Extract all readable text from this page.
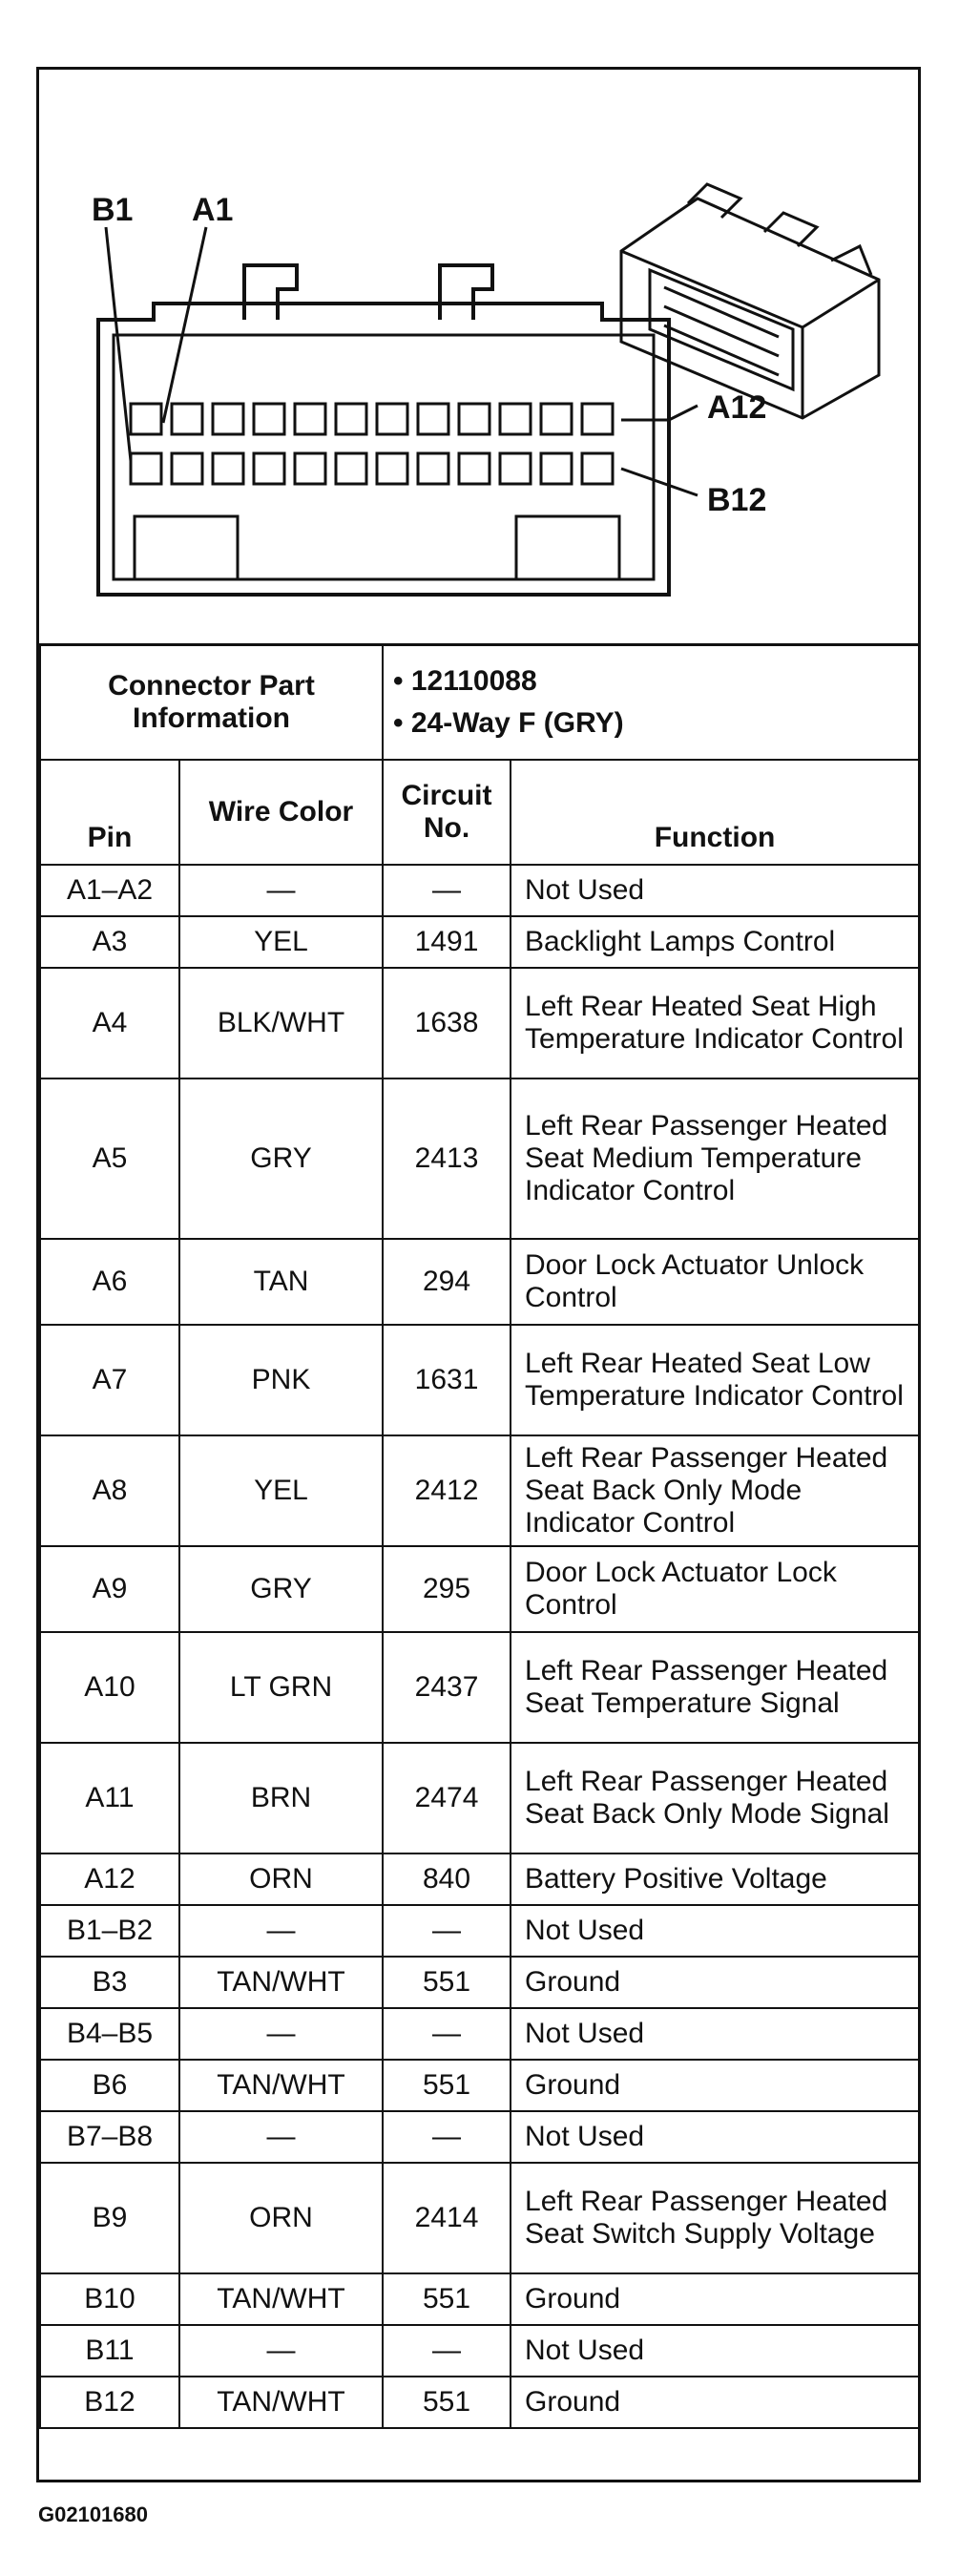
B1 A1
A12
B12
Connector Part Information		• 12110088
• 24-Way F (GRY)	

Pin	Wire Color	Circuit No.	Function
A1–A2	—	—	Not Used
A3	YEL	1491	Backlight Lamps Control
A4	BLK/WHT	1638	Left Rear Heated Seat High Temperature Indicator Control
A5	GRY	2413	Left Rear Passenger Heated Seat Medium Temperature Indicator Control
A6	TAN	294	Door Lock Actuator Unlock Control
A7	PNK	1631	Left Rear Heated Seat Low Temperature Indicator Control
A8	YEL	2412	Left Rear Passenger Heated Seat Back Only Mode Indicator Control
A9	GRY	295	Door Lock Actuator Lock Control
A10	LT GRN	2437	Left Rear Passenger Heated Seat Temperature Signal
A11	BRN	2474	Left Rear Passenger Heated Seat Back Only Mode Signal
A12	ORN	840	Battery Positive Voltage
B1–B2	—	—	Not Used
B3	TAN/WHT	551	Ground
B4–B5	—	—	Not Used
B6	TAN/WHT	551	Ground
B7–B8	—	—	Not Used
B9	ORN	2414	Left Rear Passenger Heated Seat Switch Supply Voltage
B10	TAN/WHT	551	Ground
B11	—	—	Not Used
B12	TAN/WHT	551	Ground
G02101680
